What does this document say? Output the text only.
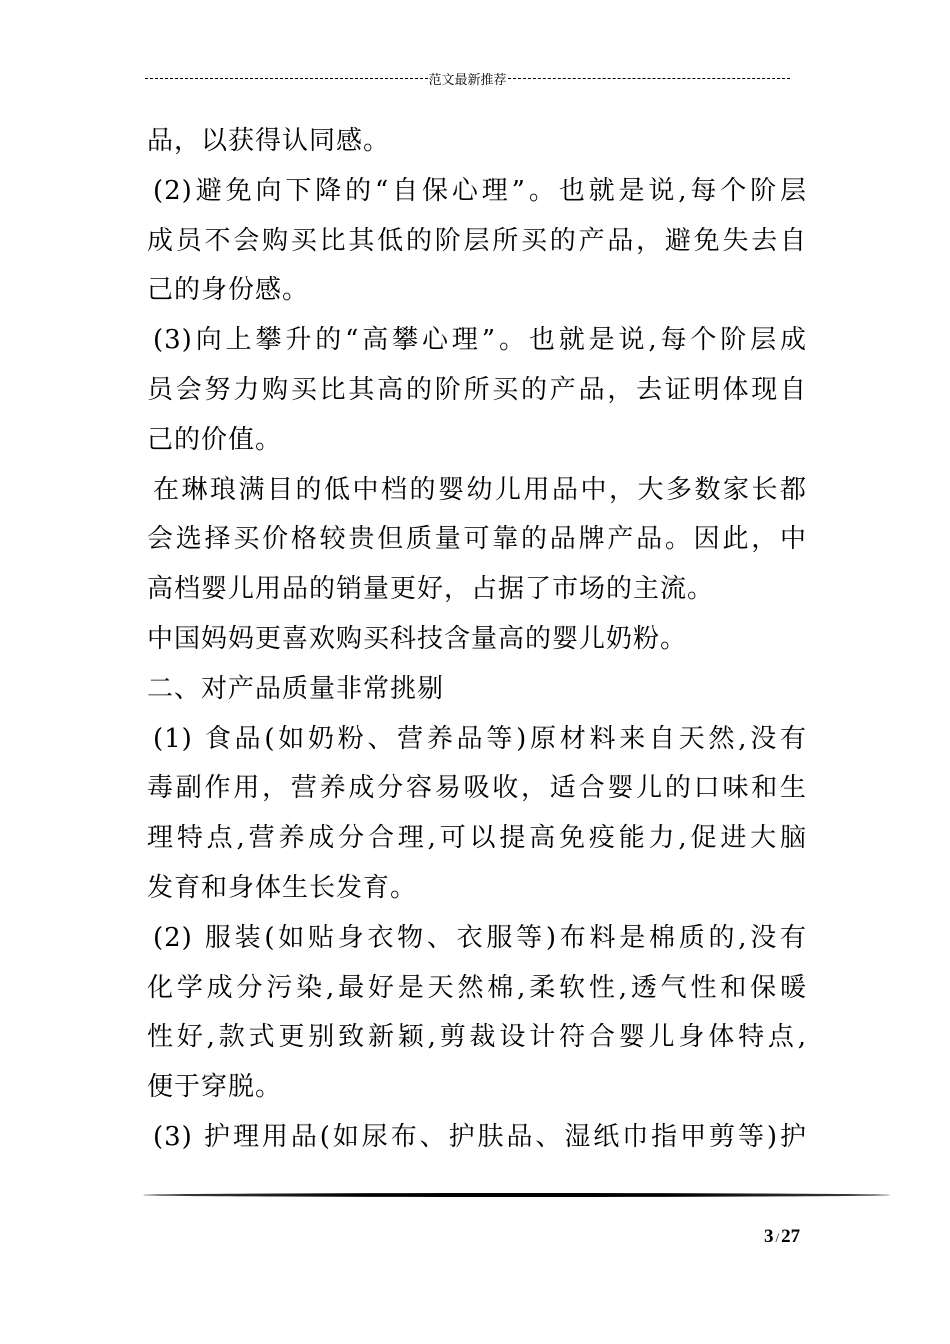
范文最新推荐
品，以获得认同感。
(2)避免向下降的“自保心理”。也就是说,每个阶层
成员不会购买比其低的阶层所买的产品，避免失去自
己的身份感。
(3)向上攀升的“高攀心理”。也就是说,每个阶层成
员会努力购买比其高的阶所买的产品，去证明体现自
己的价值。
在琳琅满目的低中档的婴幼儿用品中，大多数家长都
会选择买价格较贵但质量可靠的品牌产品。因此，中
高档婴儿用品的销量更好，占据了市场的主流。
中国妈妈更喜欢购买科技含量高的婴儿奶粉。
二、对产品质量非常挑剔
(1) 食品(如奶粉、营养品等)原材料来自天然,没有
毒副作用，营养成分容易吸收，适合婴儿的口味和生
理特点,营养成分合理,可以提高免疫能力,促进大脑
发育和身体生长发育。
(2) 服装(如贴身衣物、衣服等)布料是棉质的,没有
化学成分污染,最好是天然棉,柔软性,透气性和保暖
性好,款式更别致新颖,剪裁设计符合婴儿身体特点,
便于穿脱。
(3) 护理用品(如尿布、护肤品、湿纸巾指甲剪等)护
3 / 27
